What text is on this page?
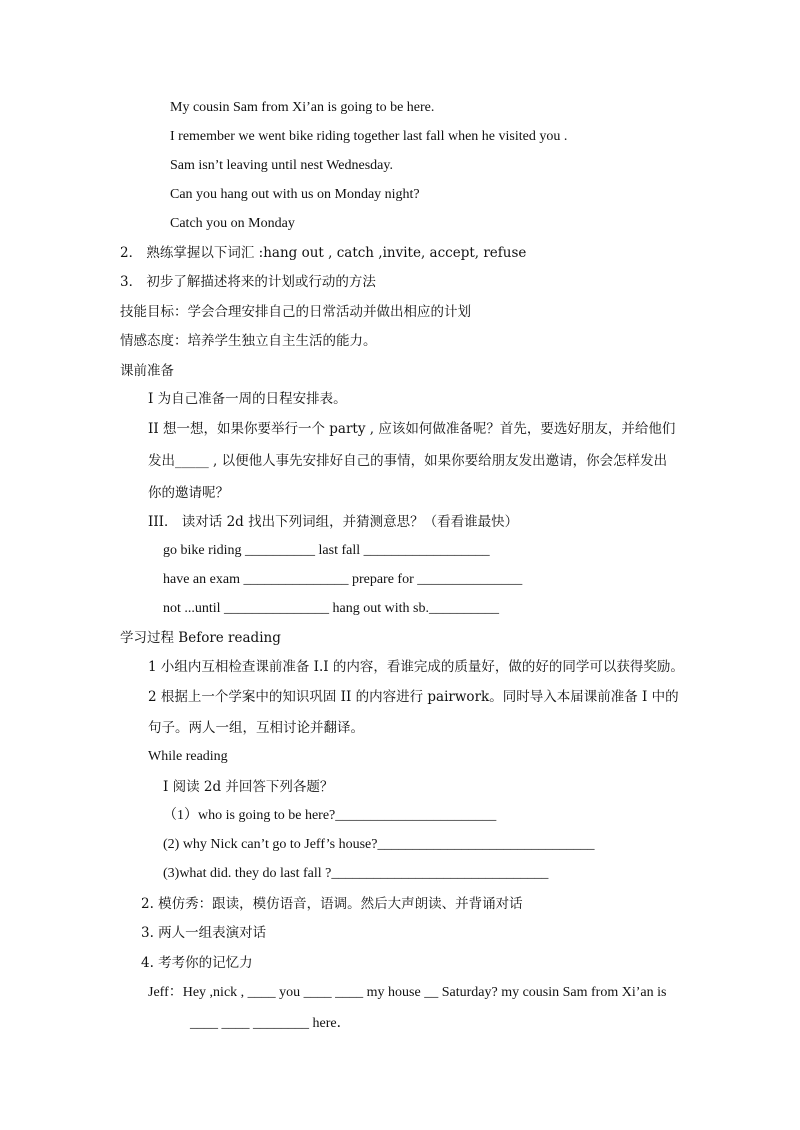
My cousin Sam from Xi’an is going to be here.
I remember we went bike riding together last fall when he visited you .
Sam isn’t leaving until nest Wednesday.
Can you hang out with us on Monday night?
Catch you on Monday
2． 熟练掌握以下词汇 :hang out , catch ,invite, accept, refuse
3． 初步了解描述将来的计划或行动的方法
技能目标：学会合理安排自己的日常活动并做出相应的计划
情感态度：培养学生独立自主生活的能力。
课前准备
I 为自己准备一周的日程安排表。
II 想一想，如果你要举行一个 party , 应该如何做准备呢？首先，要选好朋友，并给他们
发出_____ , 以便他人事先安排好自己的事情，如果你要给朋友发出邀请，你会怎样发出
你的邀请呢？
III． 读对话 2d 找出下列词组，并猜测意思？（看看谁最快）
go bike riding __________ last fall __________________
have an exam _______________ prepare for _______________
not ...until _______________ hang out with sb.__________
学习过程 Before reading
1 小组内互相检查课前准备 I.I 的内容，看谁完成的质量好，做的好的同学可以获得奖励。
2 根据上一个学案中的知识巩固 II 的内容进行 pairwork。同时导入本届课前准备 I 中的
句子。两人一组，互相讨论并翻译。
While reading
I 阅读 2d 并回答下列各题？
（1）who is going to be here?_______________________
(2) why Nick can’t go to Jeff’s house?_______________________________
(3)what did. they do last fall ?_______________________________
2. 模仿秀：跟读，模仿语音，语调。然后大声朗读、并背诵对话
3. 两人一组表演对话
4. 考考你的记忆力
Jeff：Hey ,nick , ____ you ____ ____ my house __ Saturday? my cousin Sam from Xi’an is
____ ____ ________ here．
